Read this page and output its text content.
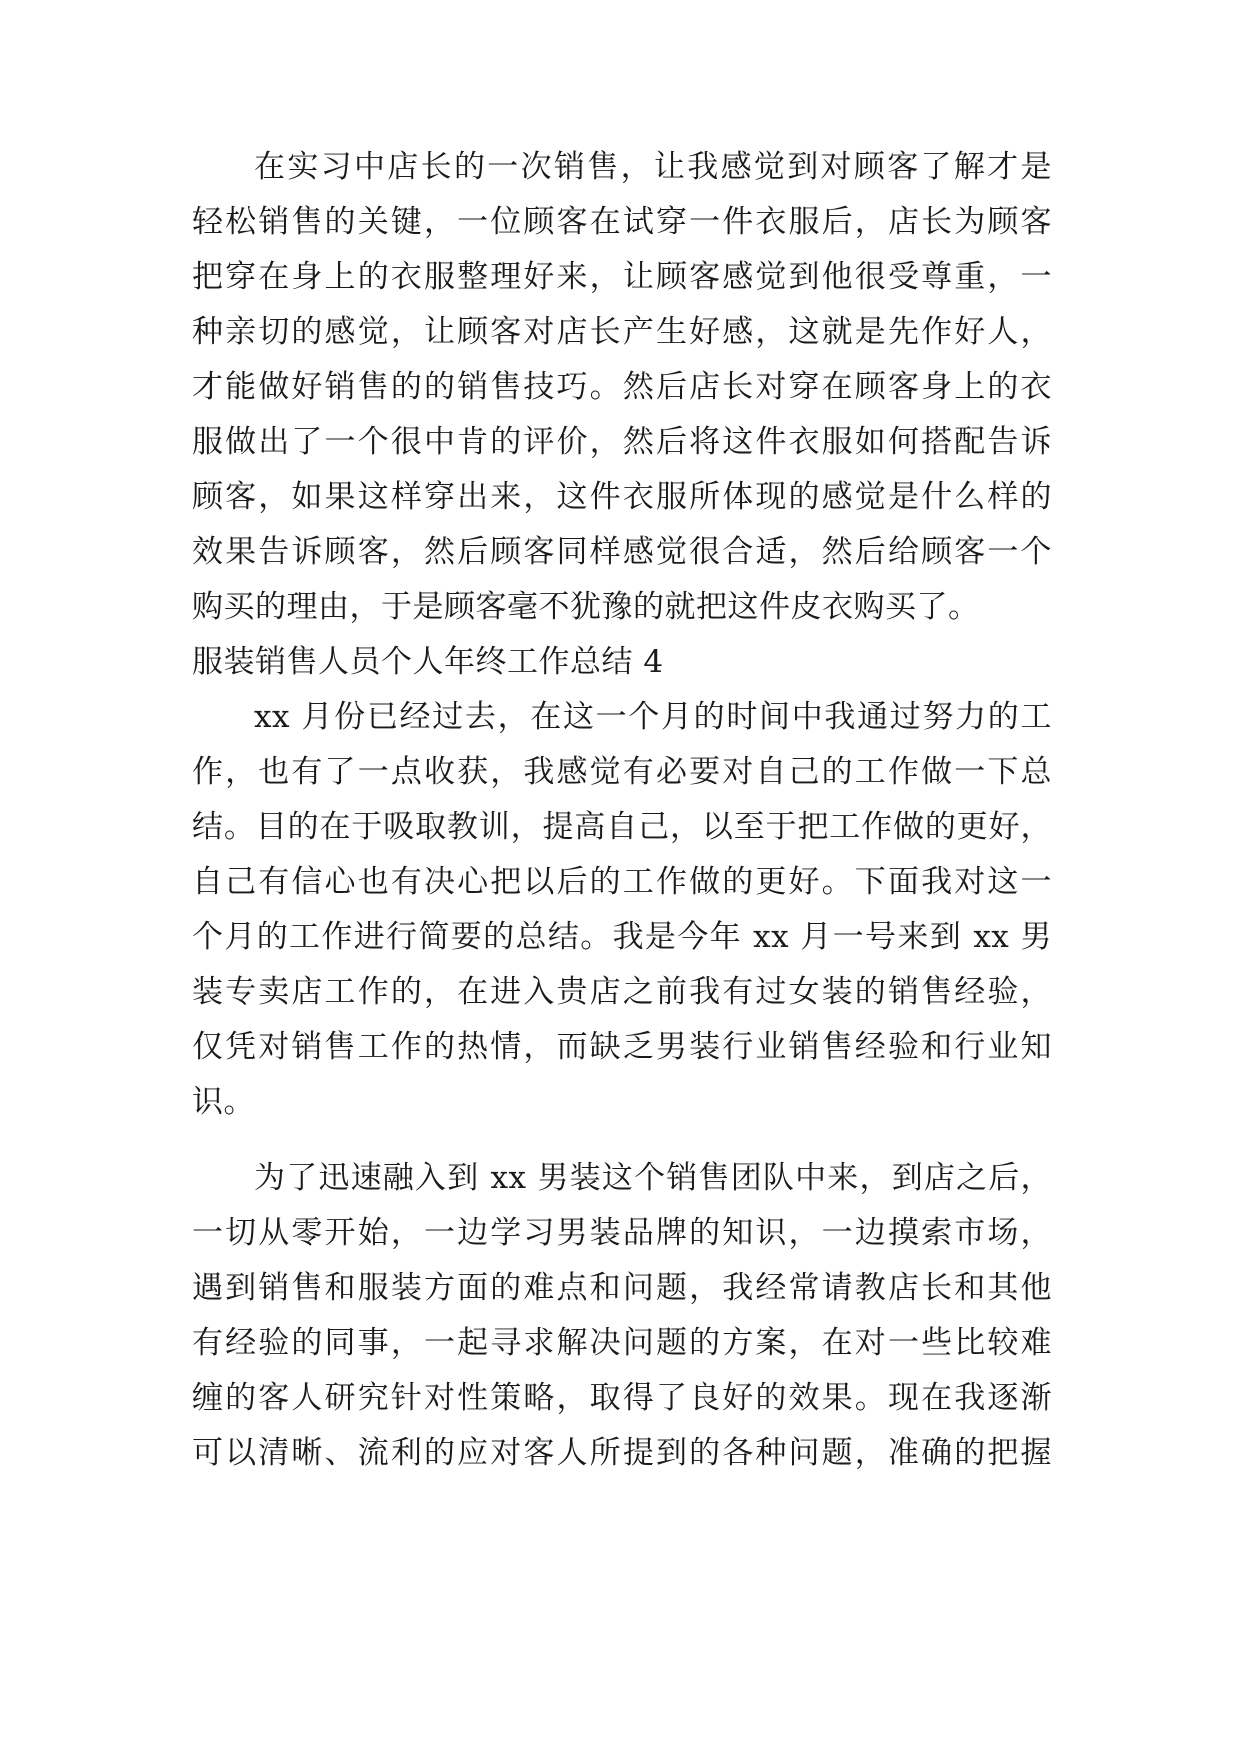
在实习中店长的一次销售，让我感觉到对顾客了解才是
轻松销售的关键，一位顾客在试穿一件衣服后，店长为顾客
把穿在身上的衣服整理好来，让顾客感觉到他很受尊重，一
种亲切的感觉，让顾客对店长产生好感，这就是先作好人，
才能做好销售的的销售技巧。然后店长对穿在顾客身上的衣
服做出了一个很中肯的评价，然后将这件衣服如何搭配告诉
顾客，如果这样穿出来，这件衣服所体现的感觉是什么样的
效果告诉顾客，然后顾客同样感觉很合适，然后给顾客一个
购买的理由，于是顾客毫不犹豫的就把这件皮衣购买了。
服装销售人员个人年终工作总结 4
xx 月份已经过去，在这一个月的时间中我通过努力的工
作，也有了一点收获，我感觉有必要对自己的工作做一下总
结。目的在于吸取教训，提高自己，以至于把工作做的更好，
自己有信心也有决心把以后的工作做的更好。下面我对这一
个月的工作进行简要的总结。我是今年 xx 月一号来到 xx 男
装专卖店工作的，在进入贵店之前我有过女装的销售经验，
仅凭对销售工作的热情，而缺乏男装行业销售经验和行业知
识。
为了迅速融入到 xx 男装这个销售团队中来，到店之后，
一切从零开始，一边学习男装品牌的知识，一边摸索市场，
遇到销售和服装方面的难点和问题，我经常请教店长和其他
有经验的同事，一起寻求解决问题的方案，在对一些比较难
缠的客人研究针对性策略，取得了良好的效果。现在我逐渐
可以清晰、流利的应对客人所提到的各种问题，准确的把握
